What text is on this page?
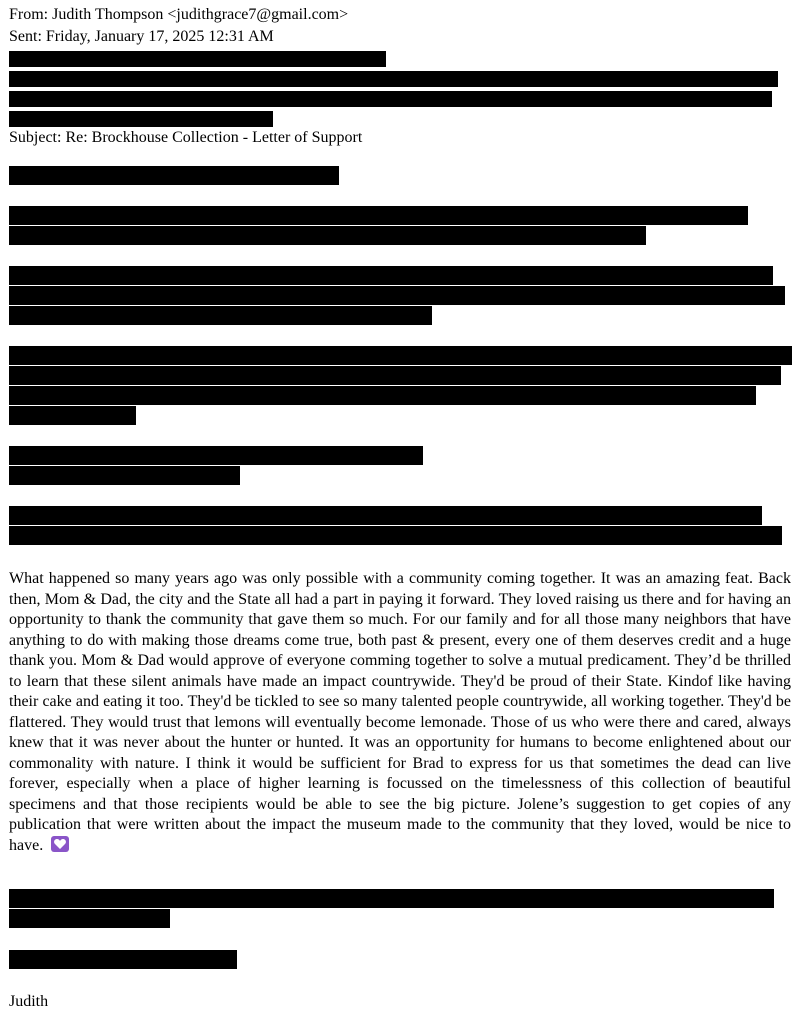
From: Judith Thompson <judithgrace7@gmail.com>
Sent: Friday, January 17, 2025 12:31 AM
Subject: Re: Brockhouse Collection - Letter of Support
What happened so many years ago was only possible with a community coming together. It was an amazing feat. Back then, Mom & Dad, the city and the State all had a part in paying it forward. They loved raising us there and for having an opportunity to thank the community that gave them so much. For our family and for all those many neighbors that have anything to do with making those dreams come true, both past & present, every one of them deserves credit and a huge thank you. Mom & Dad would approve of everyone comming together to solve a mutual predicament. They’d be thrilled to learn that these silent animals have made an impact countrywide. They'd be proud of their State. Kindof like having their cake and eating it too. They'd be tickled to see so many talented people countrywide, all working together. They'd be flattered. They would trust that lemons will eventually become lemonade. Those of us who were there and cared, always knew that it was never about the hunter or hunted. It was an opportunity for humans to become enlightened about our commonality with nature. I think it would be sufficient for Brad to express for us that sometimes the dead can live forever, especially when a place of higher learning is focussed on the timelessness of this collection of beautiful specimens and that those recipients would be able to see the big picture. Jolene’s suggestion to get copies of any publication that were written about the impact the museum made to the community that they loved, would be nice to have.
Judith
